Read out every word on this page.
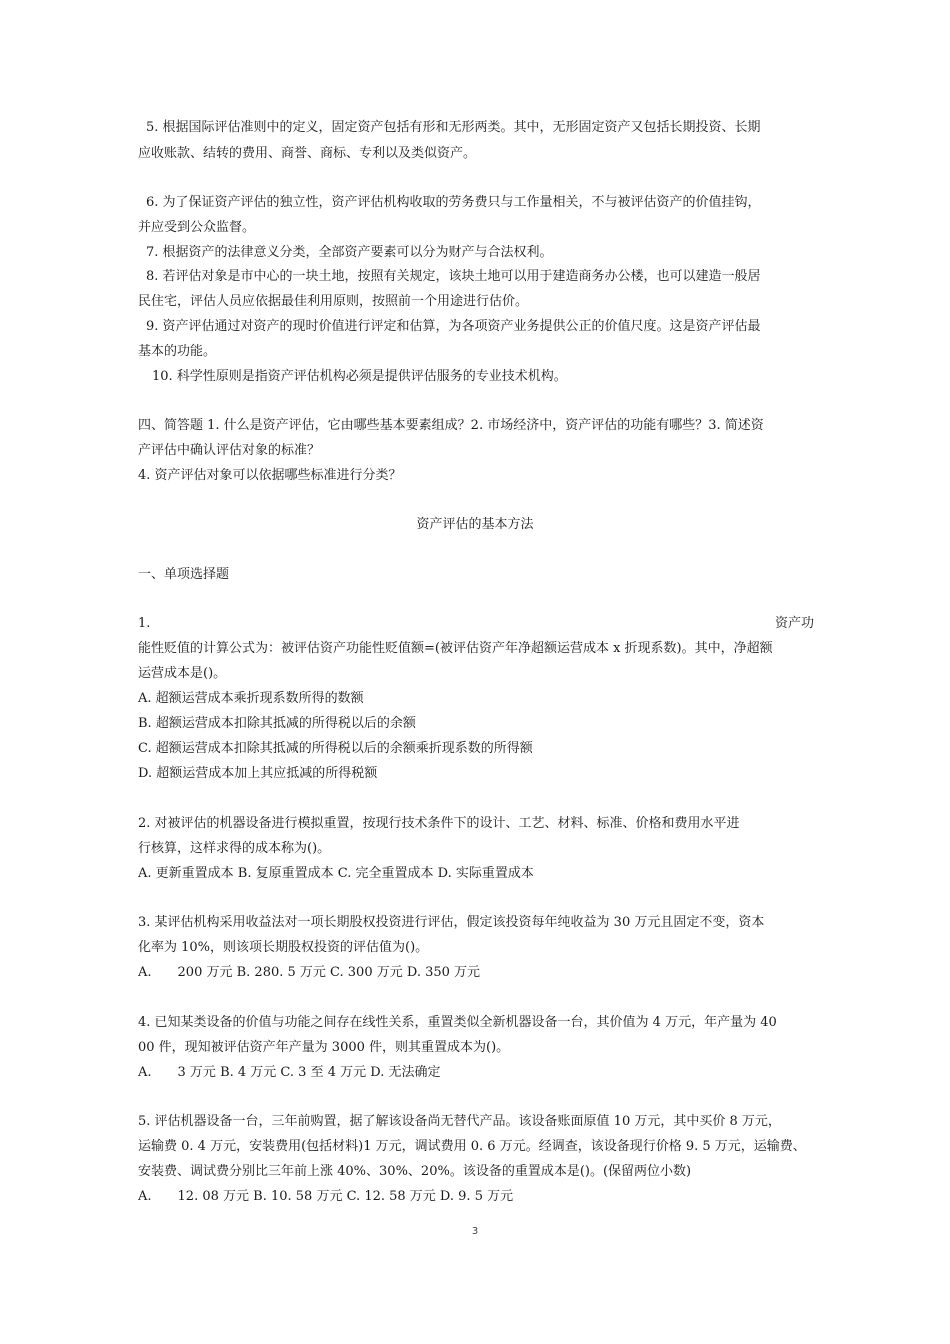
5. 根据国际评估准则中的定义，固定资产包括有形和无形两类。其中，无形固定资产又包括长期投资、长期
应收账款、结转的费用、商誉、商标、专利以及类似资产。
6. 为了保证资产评估的独立性，资产评估机构收取的劳务费只与工作量相关，不与被评估资产的价值挂钩，
并应受到公众监督。
7. 根据资产的法律意义分类，全部资产要素可以分为财产与合法权利。
8. 若评估对象是市中心的一块土地，按照有关规定，该块土地可以用于建造商务办公楼，也可以建造一般居
民住宅，评估人员应依据最佳利用原则，按照前一个用途进行估价。
9. 资产评估通过对资产的现时价值进行评定和估算，为各项资产业务提供公正的价值尺度。这是资产评估最
基本的功能。
10. 科学性原则是指资产评估机构必须是提供评估服务的专业技术机构。
四、简答题 1. 什么是资产评估，它由哪些基本要素组成？2. 市场经济中，资产评估的功能有哪些？3. 简述资
产评估中确认评估对象的标准？
4. 资产评估对象可以依据哪些标准进行分类？
资产评估的基本方法
一、单项选择题
1.	资产功
能性贬值的计算公式为：被评估资产功能性贬值额=(被评估资产年净超额运营成本 x 折现系数)。其中，净超额
运营成本是()。
A. 超额运营成本乘折现系数所得的数额
B. 超额运营成本扣除其抵减的所得税以后的余额
C. 超额运营成本扣除其抵减的所得税以后的余额乘折现系数的所得额
D. 超额运营成本加上其应抵减的所得税额
2. 对被评估的机器设备进行模拟重置，按现行技术条件下的设计、工艺、材料、标准、价格和费用水平进
行核算，这样求得的成本称为()。
A. 更新重置成本 B. 复原重置成本 C. 完全重置成本 D. 实际重置成本
3. 某评估机构采用收益法对一项长期股权投资进行评估，假定该投资每年纯收益为 30 万元且固定不变，资本
化率为 10%，则该项长期股权投资的评估值为()。
A. 200 万元 B. 280. 5 万元 C. 300 万元 D. 350 万元
4. 已知某类设备的价值与功能之间存在线性关系，重置类似全新机器设备一台，其价值为 4 万元，年产量为 40
00 件，现知被评估资产年产量为 3000 件，则其重置成本为()。
A. 3 万元 B. 4 万元 C. 3 至 4 万元 D. 无法确定
5. 评估机器设备一台，三年前购置，据了解该设备尚无替代产品。该设备账面原值 10 万元，其中买价 8 万元，
运输费 0. 4 万元，安装费用(包括材料)1 万元，调试费用 0. 6 万元。经调查，该设备现行价格 9. 5 万元，运输费、
安装费、调试费分别比三年前上涨 40%、30%、20%。该设备的重置成本是()。(保留两位小数)
A. 12. 08 万元 B. 10. 58 万元 C. 12. 58 万元 D. 9. 5 万元
3
